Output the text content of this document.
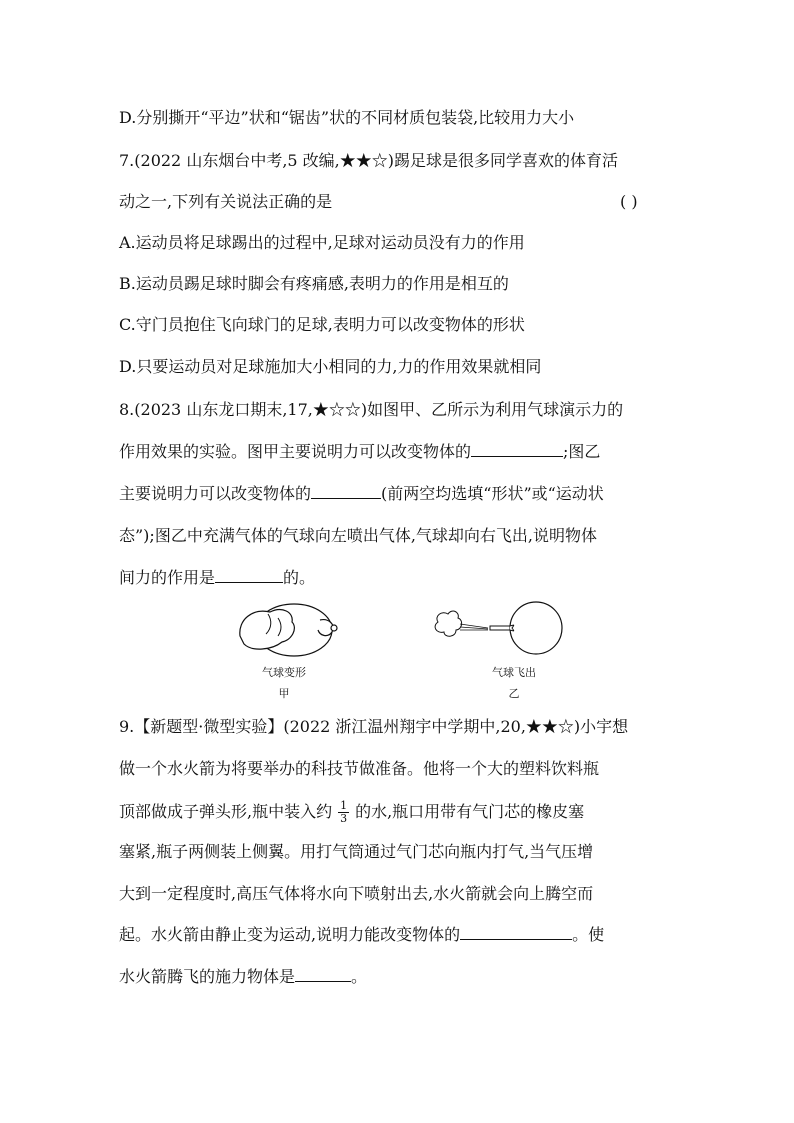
D.分别撕开“平边”状和“锯齿”状的不同材质包装袋,比较用力大小
7.(2022 山东烟台中考,5 改编,★★☆)踢足球是很多同学喜欢的体育活
动之一,下列有关说法正确的是	( )
A.运动员将足球踢出的过程中,足球对运动员没有力的作用
B.运动员踢足球时脚会有疼痛感,表明力的作用是相互的
C.守门员抱住飞向球门的足球,表明力可以改变物体的形状
D.只要运动员对足球施加大小相同的力,力的作用效果就相同
8.(2023 山东龙口期末,17,★☆☆)如图甲、乙所示为利用气球演示力的
作用效果的实验。图甲主要说明力可以改变物体的	;图乙
主要说明力可以改变物体的	(前两空均选填“形状”或“运动状
态”);图乙中充满气体的气球向左喷出气体,气球却向右飞出,说明物体
间力的作用是	的。
气球变形
甲
气球飞出
乙
9.【新题型·微型实验】(2022 浙江温州翔宇中学期中,20,★★☆)小宇想
做一个水火箭为将要举办的科技节做准备。他将一个大的塑料饮料瓶
顶部做成子弹头形,瓶中装入约 $\frac{1}{3}$ 的水,瓶口用带有气门芯的橡皮塞
塞紧,瓶子两侧装上侧翼。用打气筒通过气门芯向瓶内打气,当气压增
大到一定程度时,高压气体将水向下喷射出去,水火箭就会向上腾空而
起。水火箭由静止变为运动,说明力能改变物体的	。使
水火箭腾飞的施力物体是	。
